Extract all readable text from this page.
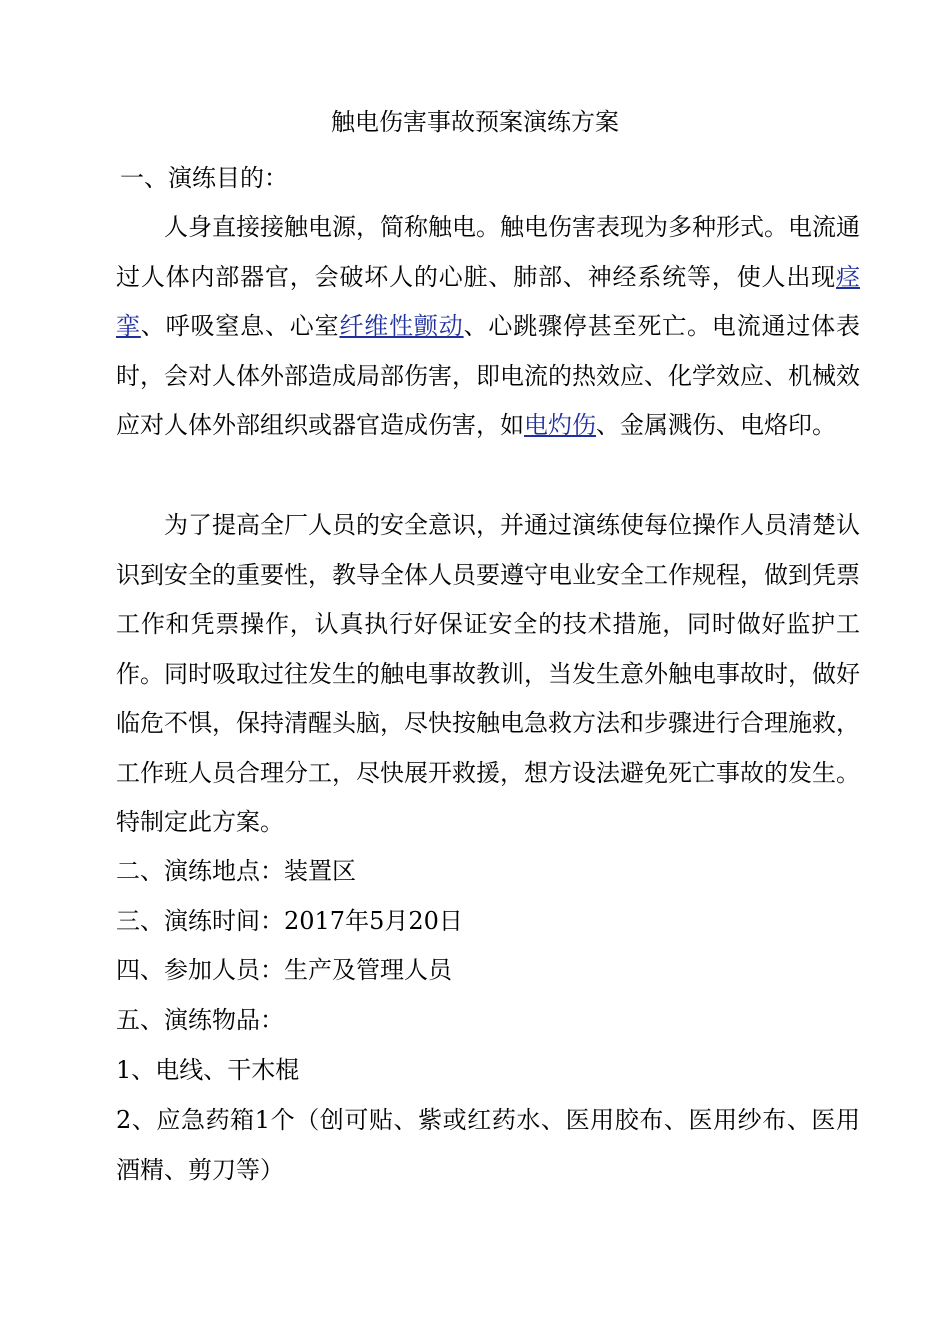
触电伤害事故预案演练方案
一、演练目的：
人身直接接触电源，简称触电。触电伤害表现为多种形式。电流通过人体内部器官，会破坏人的心脏、肺部、神经系统等，使人出现痉挛、呼吸窒息、心室纤维性颤动、心跳骤停甚至死亡。电流通过体表时，会对人体外部造成局部伤害，即电流的热效应、化学效应、机械效应对人体外部组织或器官造成伤害，如电灼伤、金属溅伤、电烙印。
为了提高全厂人员的安全意识，并通过演练使每位操作人员清楚认识到安全的重要性，教导全体人员要遵守电业安全工作规程，做到凭票工作和凭票操作，认真执行好保证安全的技术措施，同时做好监护工作。同时吸取过往发生的触电事故教训，当发生意外触电事故时，做好临危不惧，保持清醒头脑，尽快按触电急救方法和步骤进行合理施救，工作班人员合理分工，尽快展开救援，想方设法避免死亡事故的发生。特制定此方案。
二、演练地点：装置区
三、演练时间：2017年5月20日
四、参加人员：生产及管理人员
五、演练物品：
1、电线、干木棍
2、应急药箱1个（创可贴、紫或红药水、医用胶布、医用纱布、医用酒精、剪刀等）
